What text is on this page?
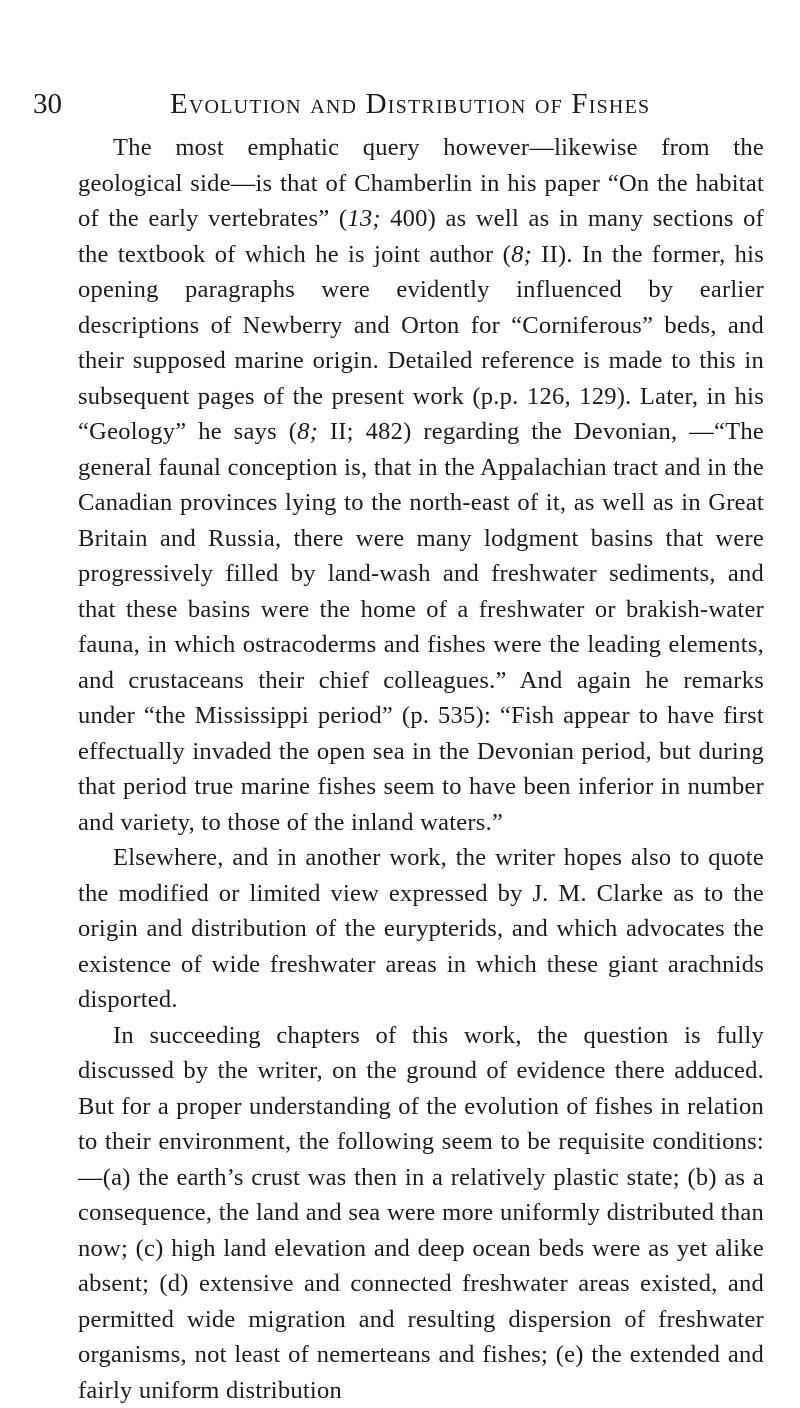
30	Evolution and Distribution of Fishes

The most emphatic query however—likewise from the geological side—is that of Chamberlin in his paper “On the habitat of the early vertebrates” (13; 400) as well as in many sections of the textbook of which he is joint author (8; II). In the former, his opening paragraphs were evidently influenced by earlier descriptions of Newberry and Orton for “Corniferous” beds, and their supposed marine origin. Detailed reference is made to this in subsequent pages of the present work (p.p. 126, 129). Later, in his “Geology” he says (8; II; 482) regarding the Devonian, —“The general faunal conception is, that in the Appalachian tract and in the Canadian provinces lying to the north-east of it, as well as in Great Britain and Russia, there were many lodgment basins that were progressively filled by land-wash and freshwater sediments, and that these basins were the home of a freshwater or brakish-water fauna, in which ostracoderms and fishes were the leading elements, and crustaceans their chief colleagues.” And again he remarks under “the Mississippi period” (p. 535): “Fish appear to have first effectually invaded the open sea in the Devonian period, but during that period true marine fishes seem to have been inferior in number and variety, to those of the inland waters.”

Elsewhere, and in another work, the writer hopes also to quote the modified or limited view expressed by J. M. Clarke as to the origin and distribution of the eurypterids, and which advocates the existence of wide freshwater areas in which these giant arachnids disported.

In succeeding chapters of this work, the question is fully discussed by the writer, on the ground of evidence there adduced. But for a proper understanding of the evolution of fishes in relation to their environment, the following seem to be requisite conditions:—(a) the earth’s crust was then in a relatively plastic state; (b) as a consequence, the land and sea were more uniformly distributed than now; (c) high land elevation and deep ocean beds were as yet alike absent; (d) extensive and connected freshwater areas existed, and permitted wide migration and resulting dispersion of freshwater organisms, not least of nemerteans and fishes; (e) the extended and fairly uniform distribution
